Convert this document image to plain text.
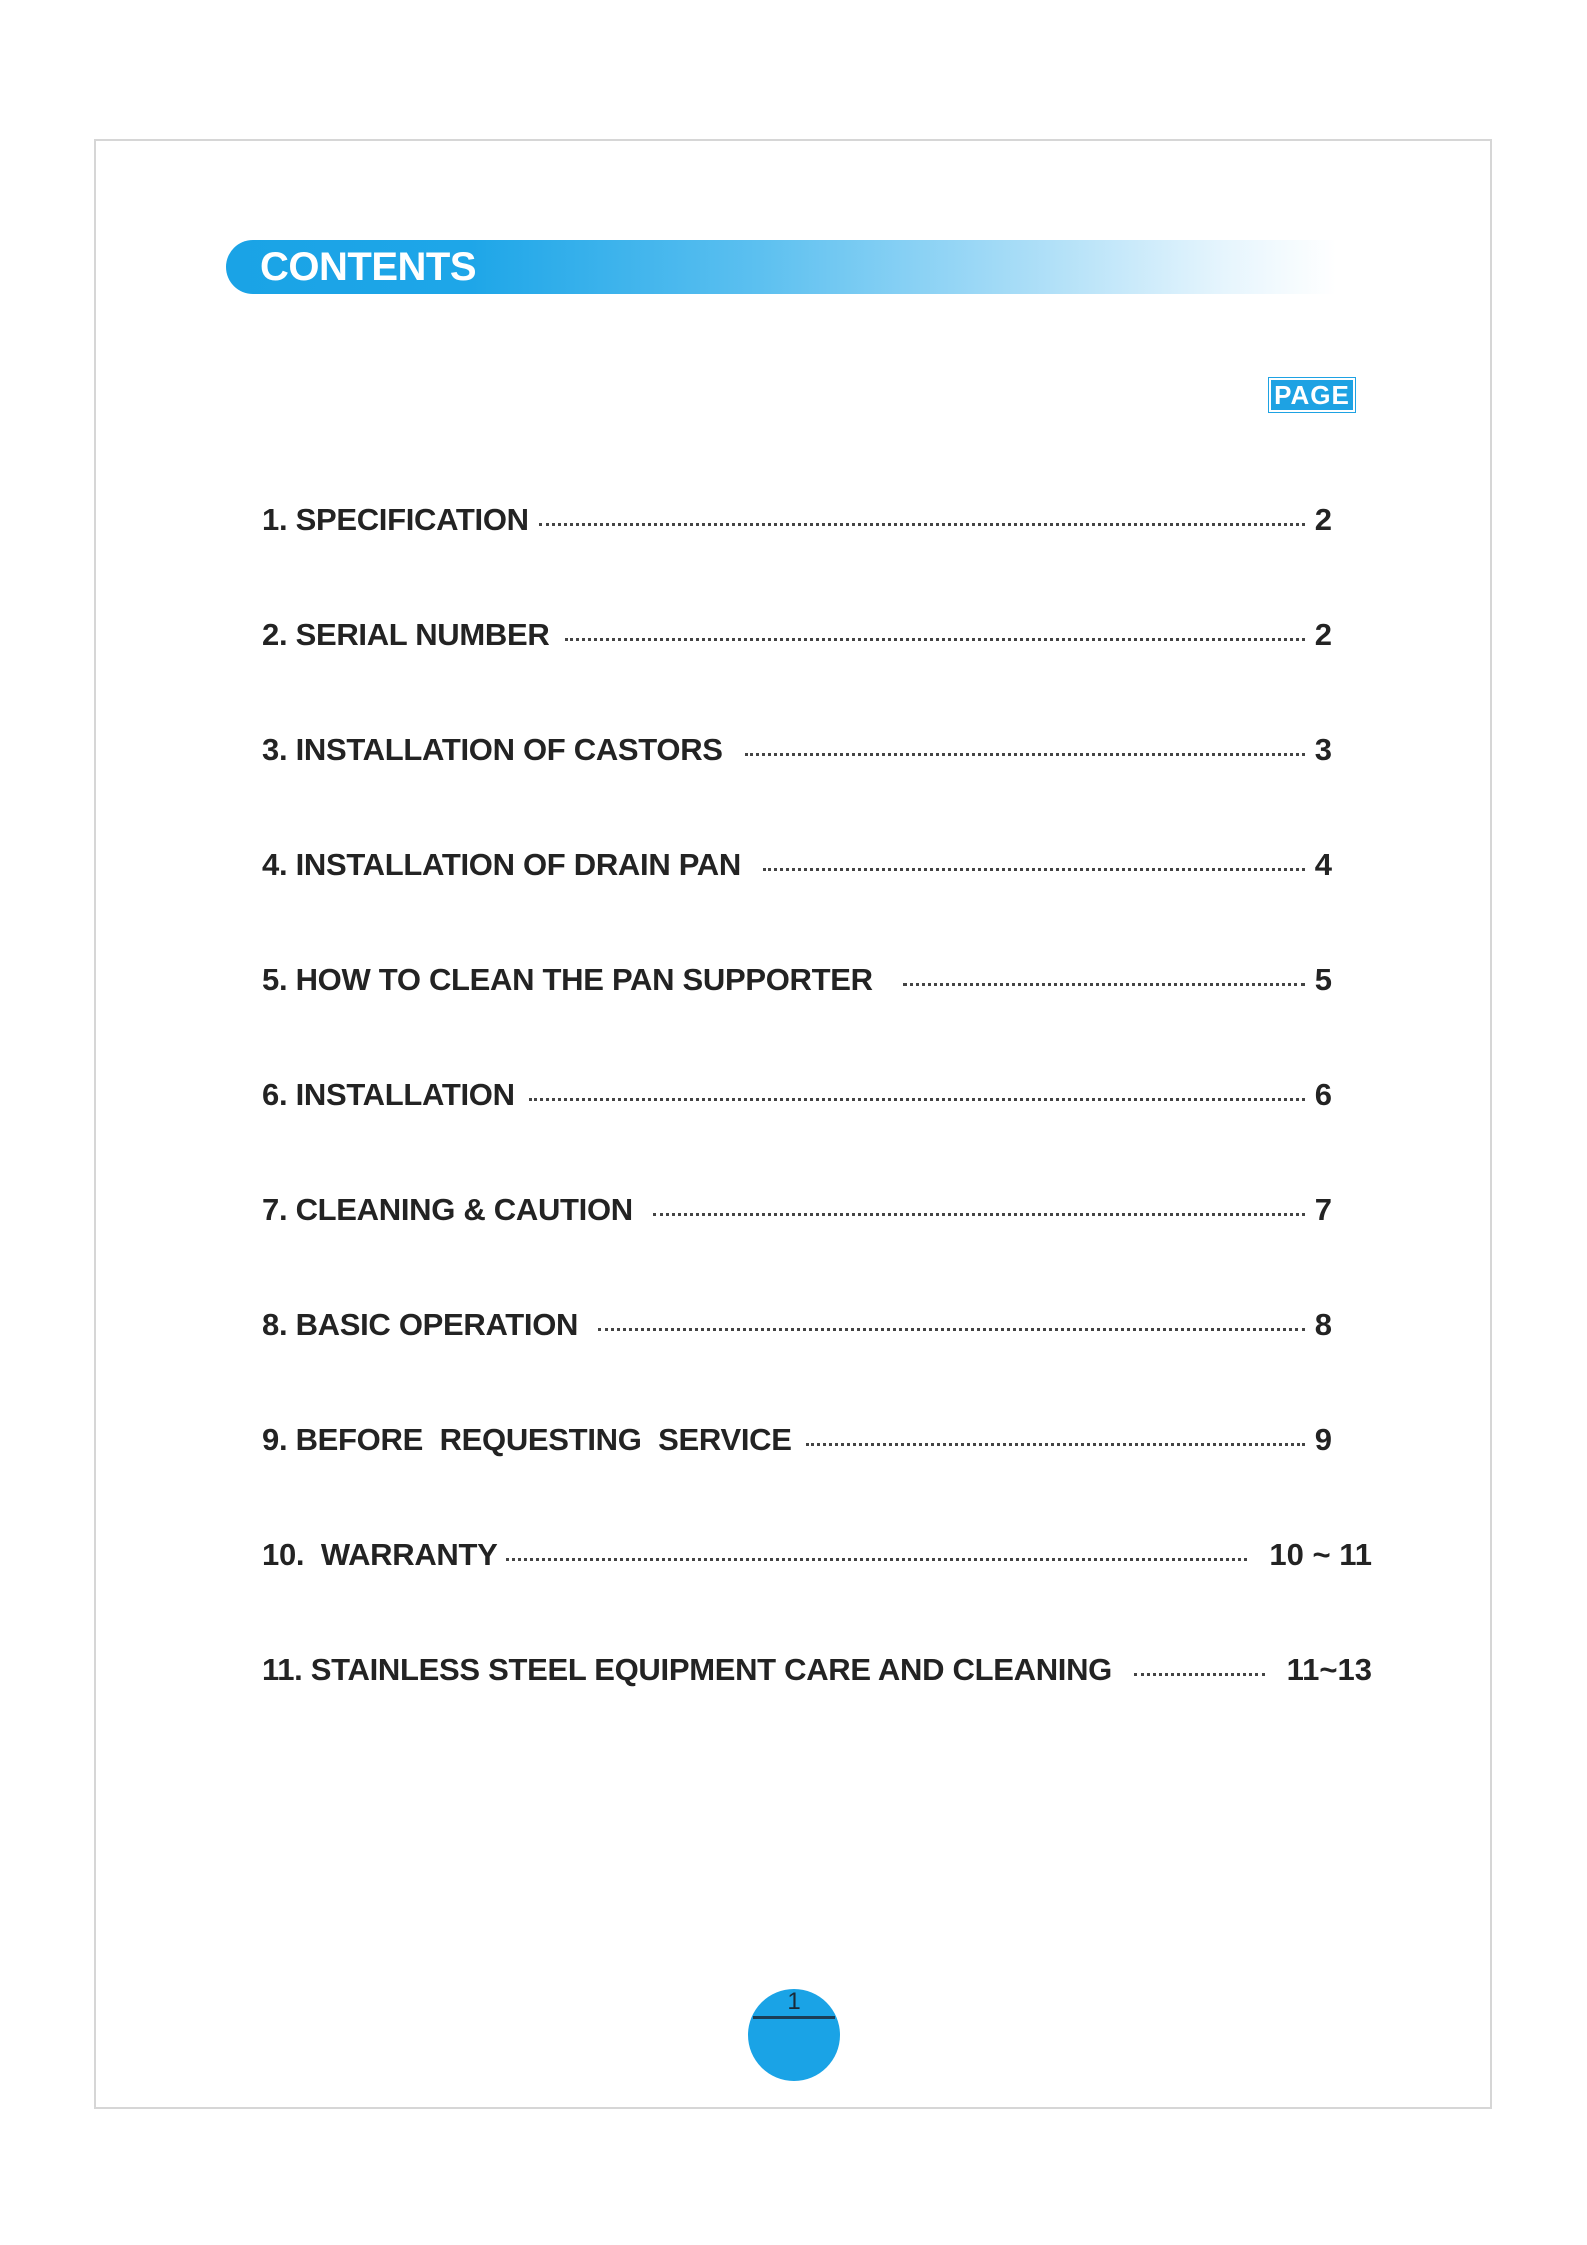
CONTENTS
PAGE
1. SPECIFICATION	2
2. SERIAL NUMBER	2
3. INSTALLATION OF CASTORS	3
4. INSTALLATION OF DRAIN PAN	4
5. HOW TO CLEAN THE PAN SUPPORTER	5
6. INSTALLATION	6
7. CLEANING & CAUTION	7
8. BASIC OPERATION	8
9. BEFORE  REQUESTING  SERVICE	9
10.  WARRANTY	10 ~ 11
11. STAINLESS STEEL EQUIPMENT CARE AND CLEANING	11~13
1
